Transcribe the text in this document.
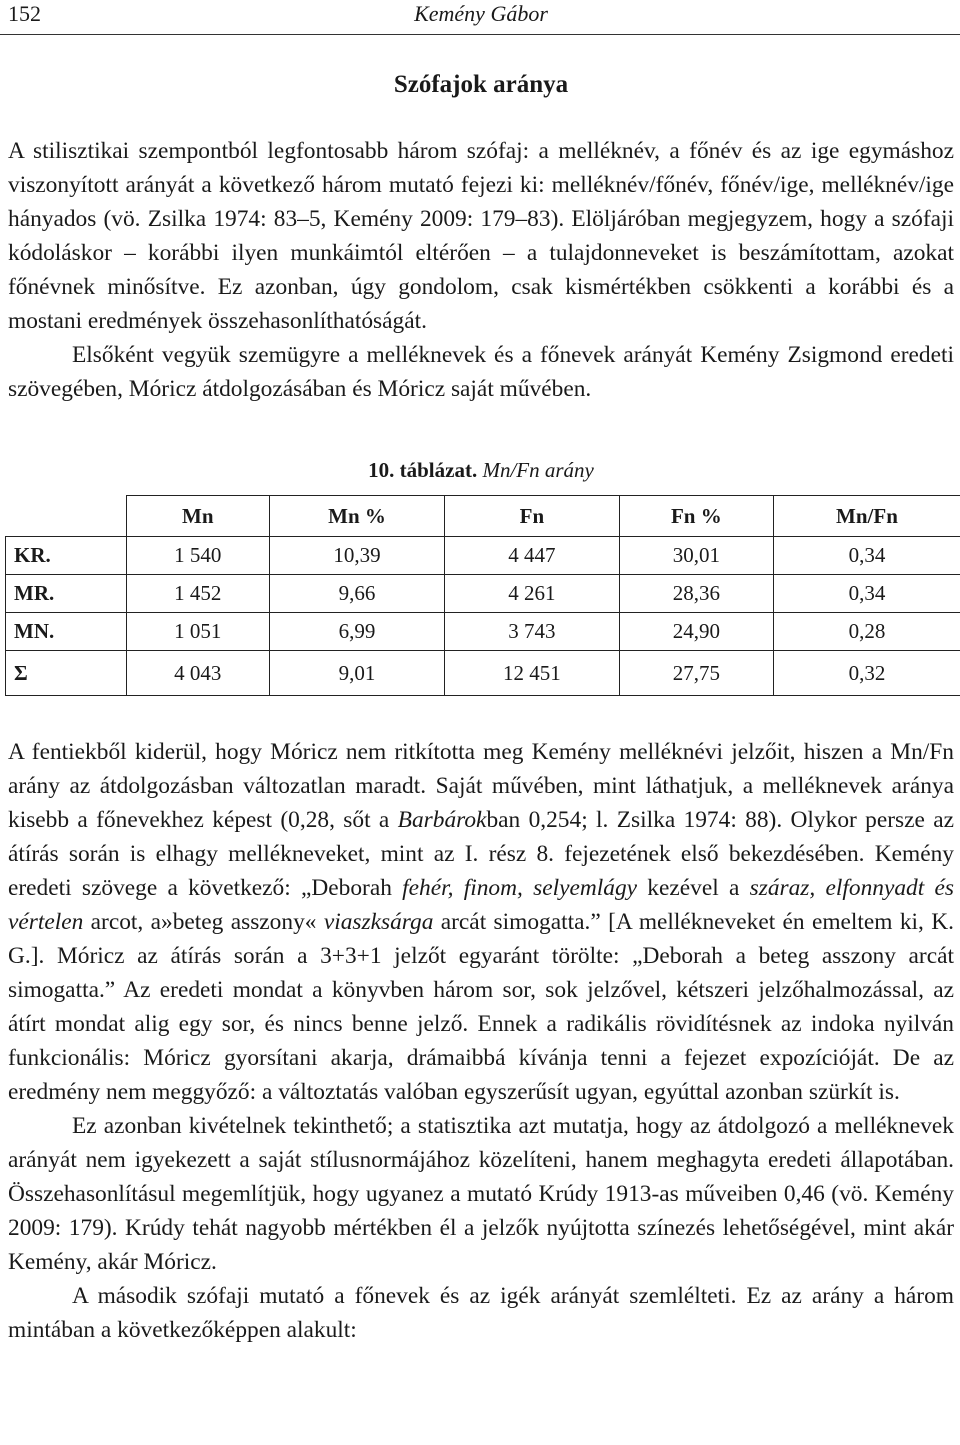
152	Kemény Gábor
Szófajok aránya

A stilisztikai szempontból legfontosabb három szófaj: a melléknév, a főnév és az ige egymáshoz viszonyított arányát a következő három mutató fejezi ki: melléknév/főnév, főnév/ige, melléknév/ige hányados (vö. Zsilka 1974: 83–5, Kemény 2009: 179–83). Elöljáróban megjegyzem, hogy a szófaji kódoláskor – korábbi ilyen munkáimtól eltérően – a tulajdonneveket is beszámítottam, azokat főnévnek minősítve. Ez azonban, úgy gondolom, csak kismértékben csökkenti a korábbi és a mostani eredmények összehasonlíthatóságát.

Elsőként vegyük szemügyre a melléknevek és a főnevek arányát Kemény Zsigmond eredeti szövegében, Móricz átdolgozásában és Móricz saját művében.

10. táblázat. Mn/Fn arány
	Mn	Mn %	Fn	Fn %	Mn/Fn
KR.	1 540	10,39	4 447	30,01	0,34
MR.	1 452	9,66	4 261	28,36	0,34
MN.	1 051	6,99	3 743	24,90	0,28
Σ	4 043	9,01	12 451	27,75	0,32

A fentiekből kiderül, hogy Móricz nem ritkította meg Kemény melléknévi jelzőit, hiszen a Mn/Fn arány az átdolgozásban változatlan maradt. Saját művében, mint láthatjuk, a melléknevek aránya kisebb a főnevekhez képest (0,28, sőt a Barbárokban 0,254; l. Zsilka 1974: 88). Olykor persze az átírás során is elhagy mellékneveket, mint az I. rész 8. fejezetének első bekezdésében. Kemény eredeti szövege a következő: „Deborah fehér, finom, selyemlágy kezével a száraz, elfonnyadt és vértelen arcot, a»beteg asszony« viaszksárga arcát simogatta.” [A mellékneveket én emeltem ki, K. G.]. Móricz az átírás során a 3+3+1 jelzőt egyaránt törölte: „Deborah a beteg asszony arcát simogatta.” Az eredeti mondat a könyvben három sor, sok jelzővel, kétszeri jelzőhalmozással, az átírt mondat alig egy sor, és nincs benne jelző. Ennek a radikális rövidítésnek az indoka nyilván funkcionális: Móricz gyorsítani akarja, drámaibbá kívánja tenni a fejezet expozícióját. De az eredmény nem meggyőző: a változtatás valóban egyszerűsít ugyan, egyúttal azonban szürkít is.

Ez azonban kivételnek tekinthető; a statisztika azt mutatja, hogy az átdolgozó a melléknevek arányát nem igyekezett a saját stílusnormájához közelíteni, hanem meghagyta eredeti állapotában. Összehasonlításul megemlítjük, hogy ugyanez a mutató Krúdy 1913-as műveiben 0,46 (vö. Kemény 2009: 179). Krúdy tehát nagyobb mértékben él a jelzők nyújtotta színezés lehetőségével, mint akár Kemény, akár Móricz.

A második szófaji mutató a főnevek és az igék arányát szemlélteti. Ez az arány a három mintában a következőképpen alakult:
